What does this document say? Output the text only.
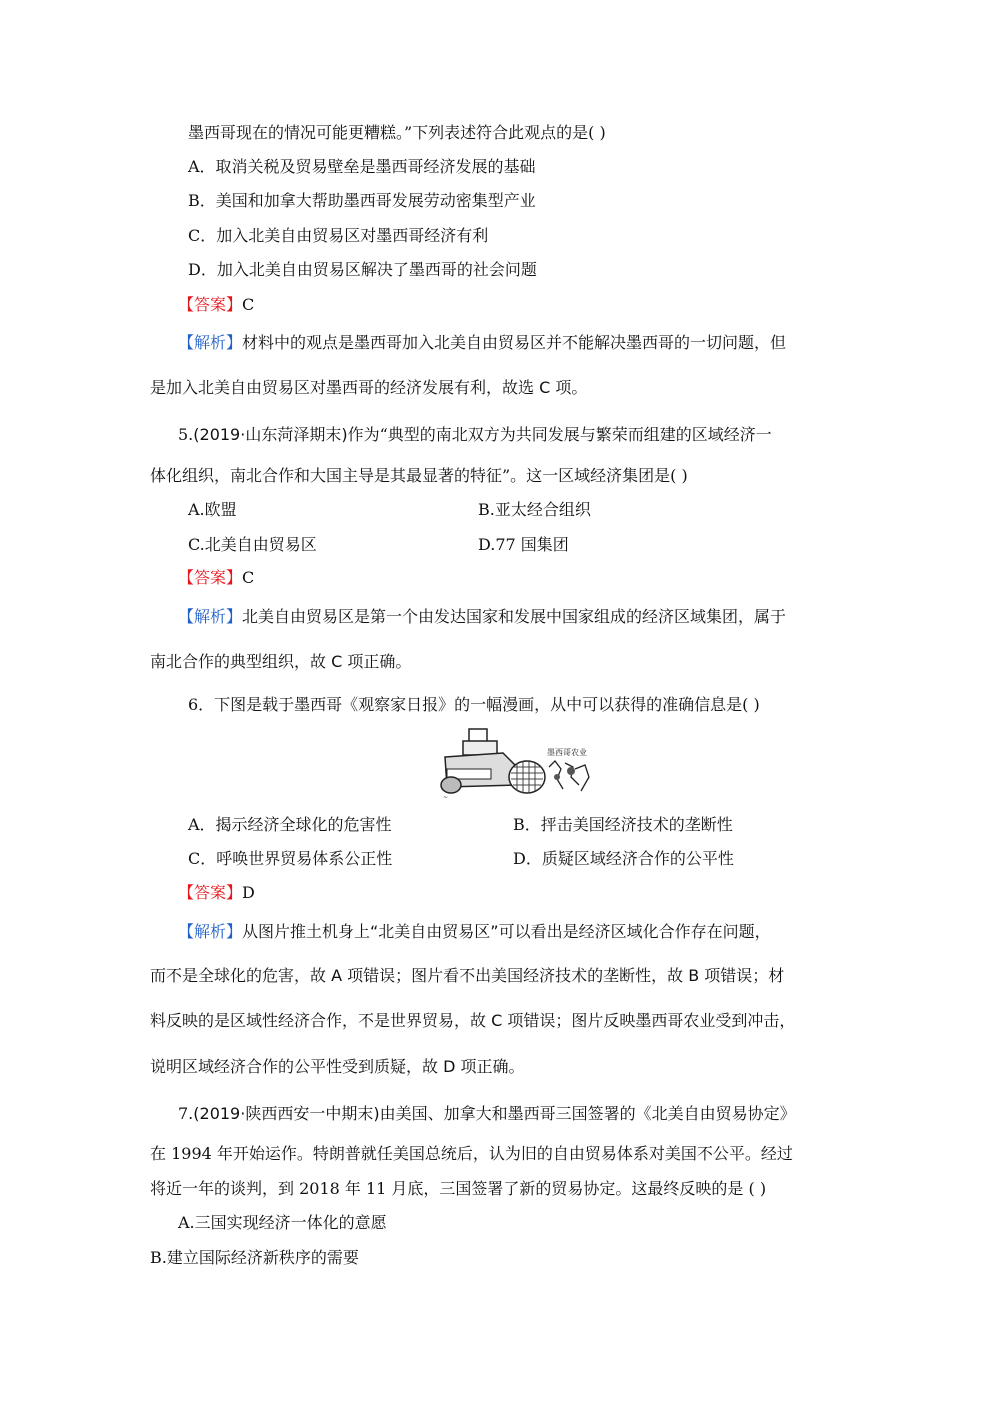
墨西哥现在的情况可能更糟糕。”下列表述符合此观点的是( )
A．取消关税及贸易壁垒是墨西哥经济发展的基础
B．美国和加拿大帮助墨西哥发展劳动密集型产业
C．加入北美自由贸易区对墨西哥经济有利
D．加入北美自由贸易区解决了墨西哥的社会问题
【答案】C
【解析】材料中的观点是墨西哥加入北美自由贸易区并不能解决墨西哥的一切问题，但
是加入北美自由贸易区对墨西哥的经济发展有利，故选 C 项。
5.(2019·山东菏泽期末)作为“典型的南北双方为共同发展与繁荣而组建的区域经济一
体化组织，南北合作和大国主导是其最显著的特征”。这一区域经济集团是( )
A.欧盟	B.亚太经合组织
C.北美自由贸易区	D.77 国集团
【答案】C
【解析】北美自由贸易区是第一个由发达国家和发展中国家组成的经济区域集团，属于
南北合作的典型组织，故 C 项正确。
6．下图是载于墨西哥《观察家日报》的一幅漫画，从中可以获得的准确信息是( )
墨西哥农业
~
A．揭示经济全球化的危害性	B．抨击美国经济技术的垄断性
C．呼唤世界贸易体系公正性	D．质疑区域经济合作的公平性
【答案】D
【解析】从图片推土机身上“北美自由贸易区”可以看出是经济区域化合作存在问题，
而不是全球化的危害，故 A 项错误；图片看不出美国经济技术的垄断性，故 B 项错误；材
料反映的是区域性经济合作，不是世界贸易，故 C 项错误；图片反映墨西哥农业受到冲击，
说明区域经济合作的公平性受到质疑，故 D 项正确。
7.(2019·陕西西安一中期末)由美国、加拿大和墨西哥三国签署的《北美自由贸易协定》
在 1994 年开始运作。特朗普就任美国总统后，认为旧的自由贸易体系对美国不公平。经过
将近一年的谈判，到 2018 年 11 月底，三国签署了新的贸易协定。这最终反映的是 ( )
A.三国实现经济一体化的意愿
B.建立国际经济新秩序的需要
